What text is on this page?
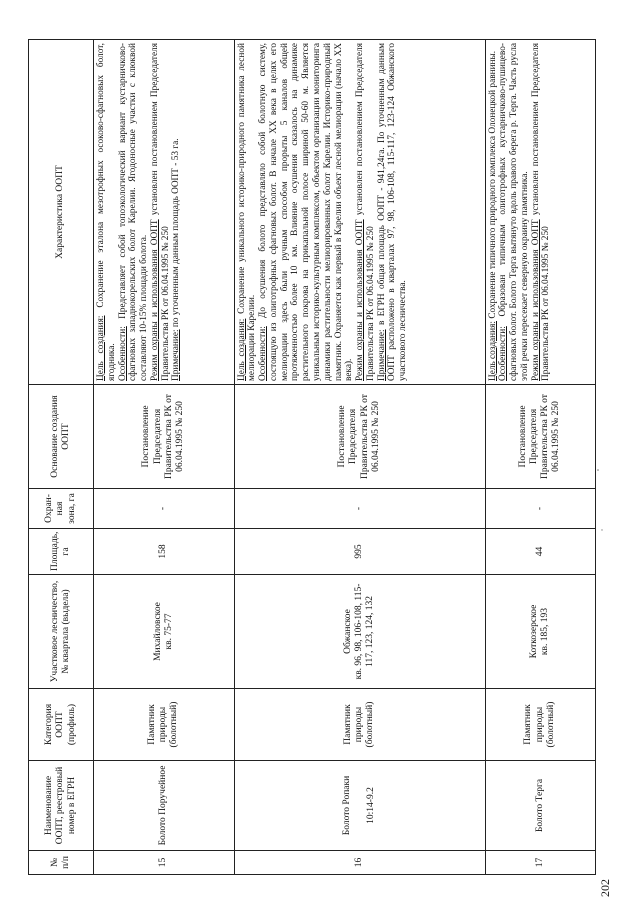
№ п/п	Наименование ООПТ, реестровый номер в ЕГРН	Категория ООПТ (профиль)	Участковое лесничество, № квартала (выдела)	Площадь, га	Охран-ная зона, га	Основание создания ООПТ	Характеристика ООПТ
15	Болото Поручейное	Памятник природы (болотный)	Михайловское кв. 75-77	158	-	Постановление Председателя Правительства РК от 06.04.1995 № 250	Цель создания: Сохранение эталона мезотрофных осоково-сфагновых болот, ягодника.
Особенности: Представляет собой топоэкологический вариант кустарничково-сфагновых западнокорельских болот Карелии. Ягодоносные участки с клюквой составляют 10-15% площади болота.
Режим охраны и использования ООПТ установлен постановлением Председателя Правительства РК от 06.04.1995 № 250
Примечание: по уточненным данным площадь ООПТ - 53 га.
16	Болото Ропаки 10:14-9.2	Памятник природы (болотный)	Обжанское кв. 96, 98, 106-108, 115-117, 123, 124, 132	995	-	Постановление Председателя Правительства РК от 06.04.1995 № 250	Цель создания: Сохранение уникального историко-природного памятника лесной мелиорации Карелии.
Особенности: До осушения болото представляло собой болотную систему, состоящую из олиготрофных сфагновых болот. В начале ХХ века в целях его мелиорации здесь были ручным способом прорыты 5 каналов общей протяженностью более 10 км. Влияние осушения сказалось на динамике растительного покрова на прикапальной полосе шириной 50-60 м. Является уникальным историко-культурным комплексом, объектом организации мониторинга динамики растительности мелиорированных болот Карелии. Историко-природный памятник. Охраняется как первый в Карелии объект лесной мелиорации (начало ХХ века).
Режим охраны и использования ООПТ установлен постановлением Председателя Правительства РК от 06.04.1995 № 250
Примечание: в ЕГРН общая площадь ООПТ - 941,24га. По уточненным данным ООПТ расположено в кварталах 97, 98, 106-108, 115-117, 123-124 Обжанского участкового лесничества.
17	Болото Терга	Памятник природы (болотный)	Коткозерское кв. 185, 193	44	-	Постановление Председателя Правительства РК от 06.04.1995 № 250	Цель создания: Сохранение типичного природного комплекса Олонецкой равнины.
Особенности: Образован типичным олиготрофных кустарничково-пушицево-сфагновых болот. Болото Терга вытянуто вдоль правого берега р. Терга. Часть русла этой речки пересекает северную окраину памятника.
Режим охраны и использования ООПТ установлен постановлением Председателя Правительства РК от 06.04.1995 № 250
202
